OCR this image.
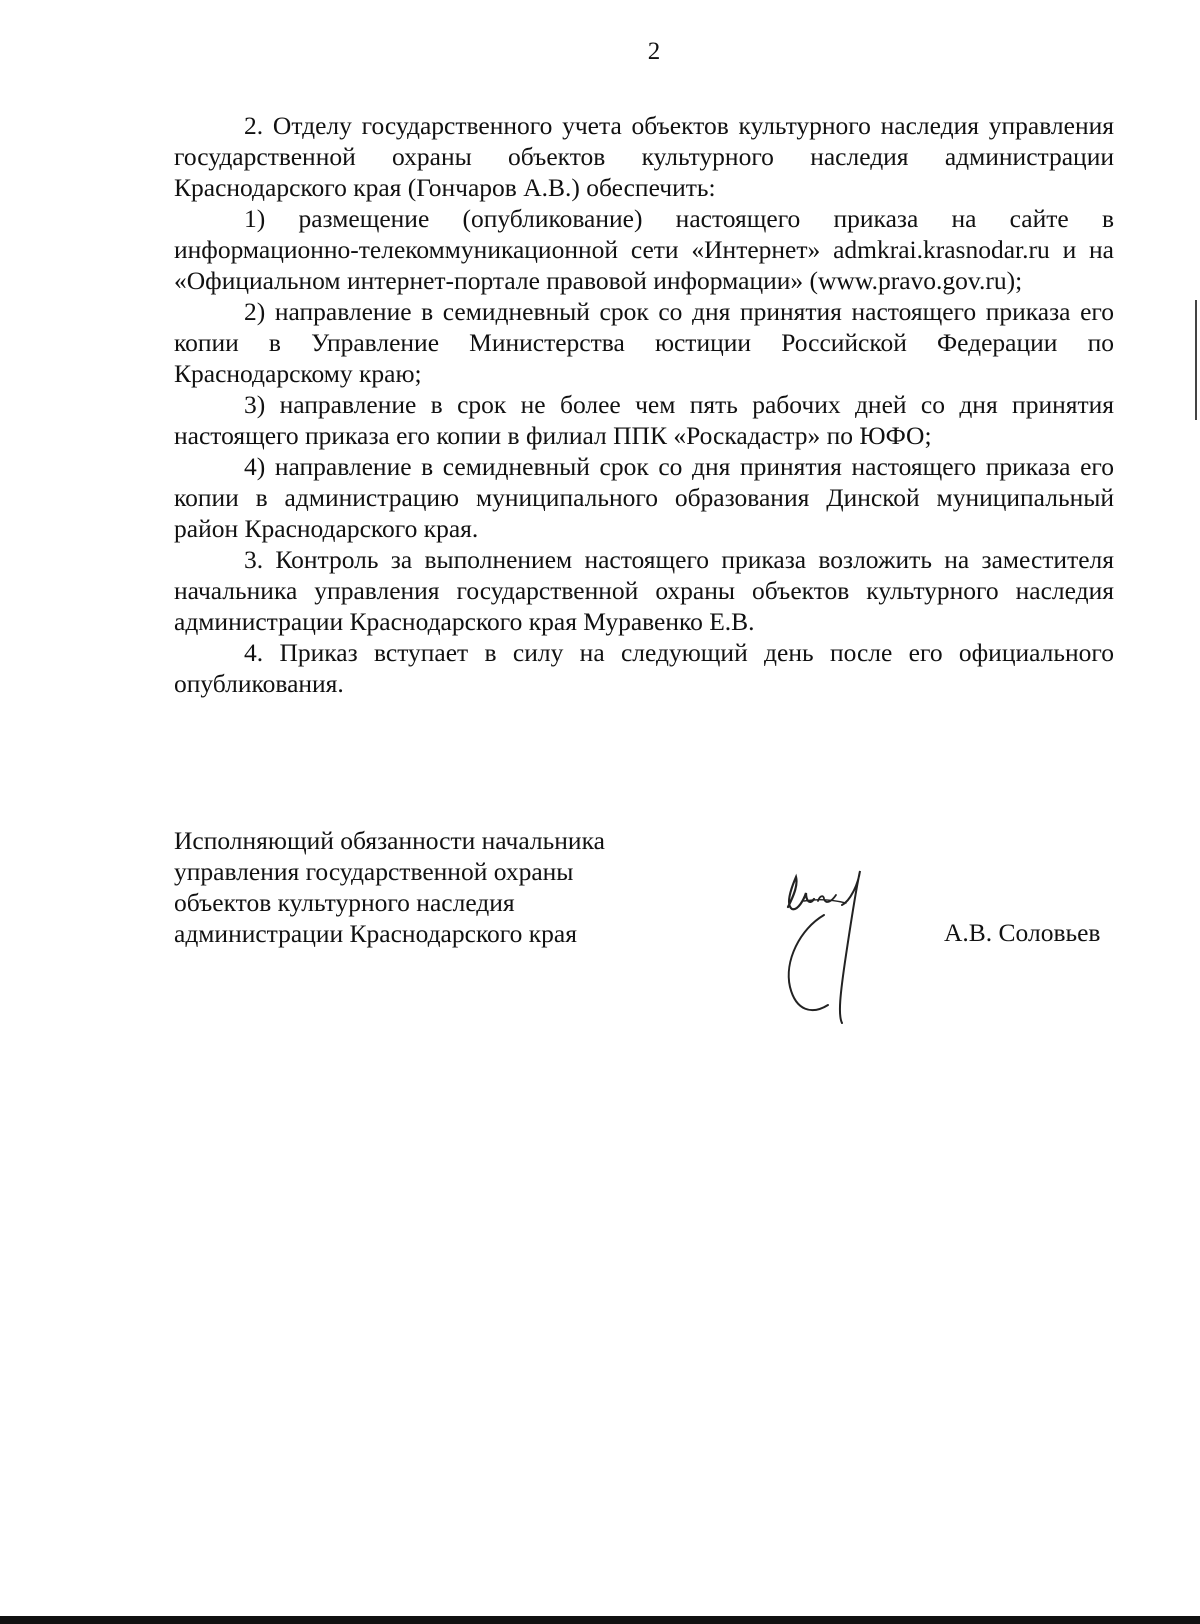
2

2. Отделу государственного учета объектов культурного наследия управления государственной охраны объектов культурного наследия администрации Краснодарского края (Гончаров А.В.) обеспечить:

1) размещение (опубликование) настоящего приказа на сайте в информационно-телекоммуникационной сети «Интернет» admkrai.krasnodar.ru и на «Официальном интернет-портале правовой информации» (www.pravo.gov.ru);

2) направление в семидневный срок со дня принятия настоящего приказа его копии в Управление Министерства юстиции Российской Федерации по Краснодарскому краю;

3) направление в срок не более чем пять рабочих дней со дня принятия настоящего приказа его копии в филиал ППК «Роскадастр» по ЮФО;

4) направление в семидневный срок со дня принятия настоящего приказа его копии в администрацию муниципального образования Динской муниципальный район Краснодарского края.

3. Контроль за выполнением настоящего приказа возложить на заместителя начальника управления государственной охраны объектов культурного наследия администрации Краснодарского края Муравенко Е.В.

4. Приказ вступает в силу на следующий день после его официального опубликования.

Исполняющий обязанности начальника
управления государственной охраны
объектов культурного наследия
администрации Краснодарского края	А.В. Соловьев
